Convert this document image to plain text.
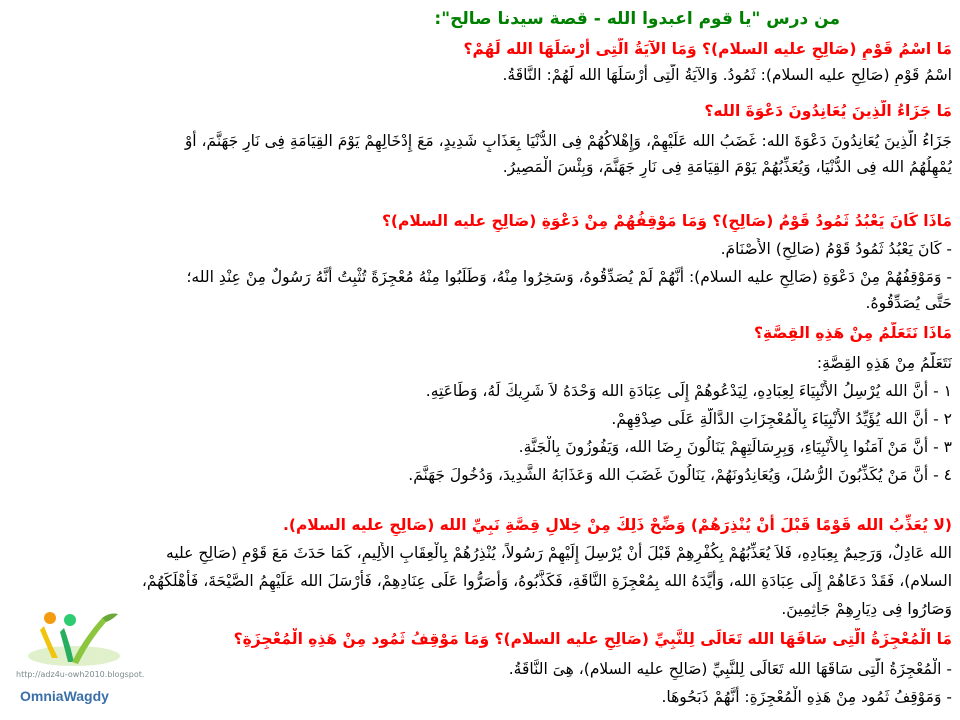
من درس "يا قوم اعبدوا الله - قصة سيدنا صالح":
مَا اسْمُ قَوْمِ (صَالِحٍ عليه السلام)؟ وَمَا الآيَةُ الَّتِى أَرْسَلَهَا الله لَهُمْ؟
اسْمُ قَوْمِ (صَالِحٍ عليه السلام): ثَمُودُ. وَالآيَةُ الَّتِى أَرْسَلَهَا الله لَهُمْ: النَّاقَةُ.
مَا جَزَاءُ الَّذِينَ يُعَانِدُونَ دَعْوَةَ الله؟
جَزَاءُ الَّذِينَ يُعَانِدُونَ دَعْوَةَ الله: غَضَبُ الله عَلَيْهِمْ، وَإِهْلاكُهُمْ فِى الدُّنْيَا بِعَذَابٍ شَدِيدٍ، مَعَ إِدْخَالِهِمْ يَوْمَ القِيَامَةِ فِى نَارِ جَهَنَّمَ، أَوْ
يُمْهِلُهُمُ الله فِى الدُّنْيَا، وَيُعَذِّبُهُمْ يَوْمَ القِيَامَةِ فِى نَارِ جَهَنَّمَ، وَبِئْسَ الْمَصِيرُ.
مَاذَا كَانَ يَعْبُدُ ثَمُودُ قَوْمُ (صَالِحٍ)؟ وَمَا مَوْقِفُهُمْ مِنْ دَعْوَةِ (صَالِحٍ عليه السلام)؟
- كَانَ يَعْبُدُ ثَمُودُ قَوْمُ (صَالِحٍ) الأَصْنَامَ.
- وَمَوْقِفُهُمْ مِنْ دَعْوَةِ (صَالِحٍ عليه السلام): أَنَّهُمْ لَمْ يُصَدِّقُوهُ، وَسَخِرُوا مِنْهُ، وَطَلَبُوا مِنْهُ مُعْجِزَةً تُثْبِتُ أَنَّهُ رَسُولٌ مِنْ عِنْدِ الله؛
حَتَّى يُصَدِّقُوهُ.
مَاذَا نَتَعَلَّمُ مِنْ هَذِهِ القِصَّةِ؟
نَتَعَلَّمُ مِنْ هَذِهِ القِصَّةِ:
١ - أَنَّ الله يُرْسِلُ الأَنْبِيَاءَ لِعِبَادِهِ، لِيَدْعُوهُمْ إِلَى عِبَادَةِ الله وَحْدَهُ لاَ شَرِيكَ لَهُ، وَطَاعَتِهِ.
٢ - أَنَّ الله يُؤَيِّدُ الأَنْبِيَاءَ بِالْمُعْجِزَاتِ الدَّالَّةِ عَلَى صِدْقِهِمْ.
٣ - أَنَّ مَنْ آمَنُوا بِالأَنْبِيَاءِ، وَبِرِسَالَتِهِمْ يَنَالُونَ رِضَا الله، وَيَفُوزُونَ بِالْجَنَّةِ.
٤ - أَنَّ مَنْ يُكَذِّبُونَ الرُّسُلَ، وَيُعَانِدُونَهُمْ، يَنَالُونَ غَضَبَ الله وَعَذَابَهُ الشَّدِيدَ، وَدُخُولَ جَهَنَّمَ.
(لا يُعَذِّبُ الله قَوْمًا قَبْلَ أَنْ يُنْذِرَهُمْ) وَضِّحْ ذَلِكَ مِنْ خِلالِ قِصَّةِ نَبِيِّ الله (صَالِحٍ عليه السلام).
الله عَادِلٌ، وَرَحِيمٌ بِعِبَادِهِ، فَلاَ يُعَذِّبُهُمْ بِكُفْرِهِمْ قَبْلَ أَنْ يُرْسِلَ إِلَيْهِمْ رَسُولاً، يُنْذِرُهُمْ بِالْعِقَابِ الأَلِيمِ، كَمَا حَدَثَ مَعَ قَوْمِ (صَالِحٍ عليه
السلام)، فَقَدْ دَعَاهُمْ إِلَى عِبَادَةِ الله، وَأَيَّدَهُ الله بِمُعْجِزَةِ النَّاقَةِ، فَكَذَّبُوهُ، وَأَصَرُّوا عَلَى عِنَادِهِمْ، فَأَرْسَلَ الله عَلَيْهِمُ الصَّيْحَةَ، فَأَهْلَكَهُمْ،
وَصَارُوا فِى دِيَارِهِمْ جَاثِمِينَ.
مَا الْمُعْجِزَةُ الَّتِى سَاقَهَا الله تَعَالَى لِلنَّبِيِّ (صَالِحٍ عليه السلام)؟ وَمَا مَوْقِفُ ثَمُود مِنْ هَذِهِ الْمُعْجِزَةِ؟
- الْمُعْجِزَةُ الَّتِى سَاقَهَا الله تَعَالَى لِلنَّبِيِّ (صَالِحٍ عليه السلام)، هِىَ النَّاقَةُ.
- وَمَوْقِفُ ثَمُود مِنْ هَذِهِ الْمُعْجِزَةِ: أَنَّهُمْ ذَبَحُوهَا.
http://adz4u-owh2010.blogspot.
OmniaWagdy
